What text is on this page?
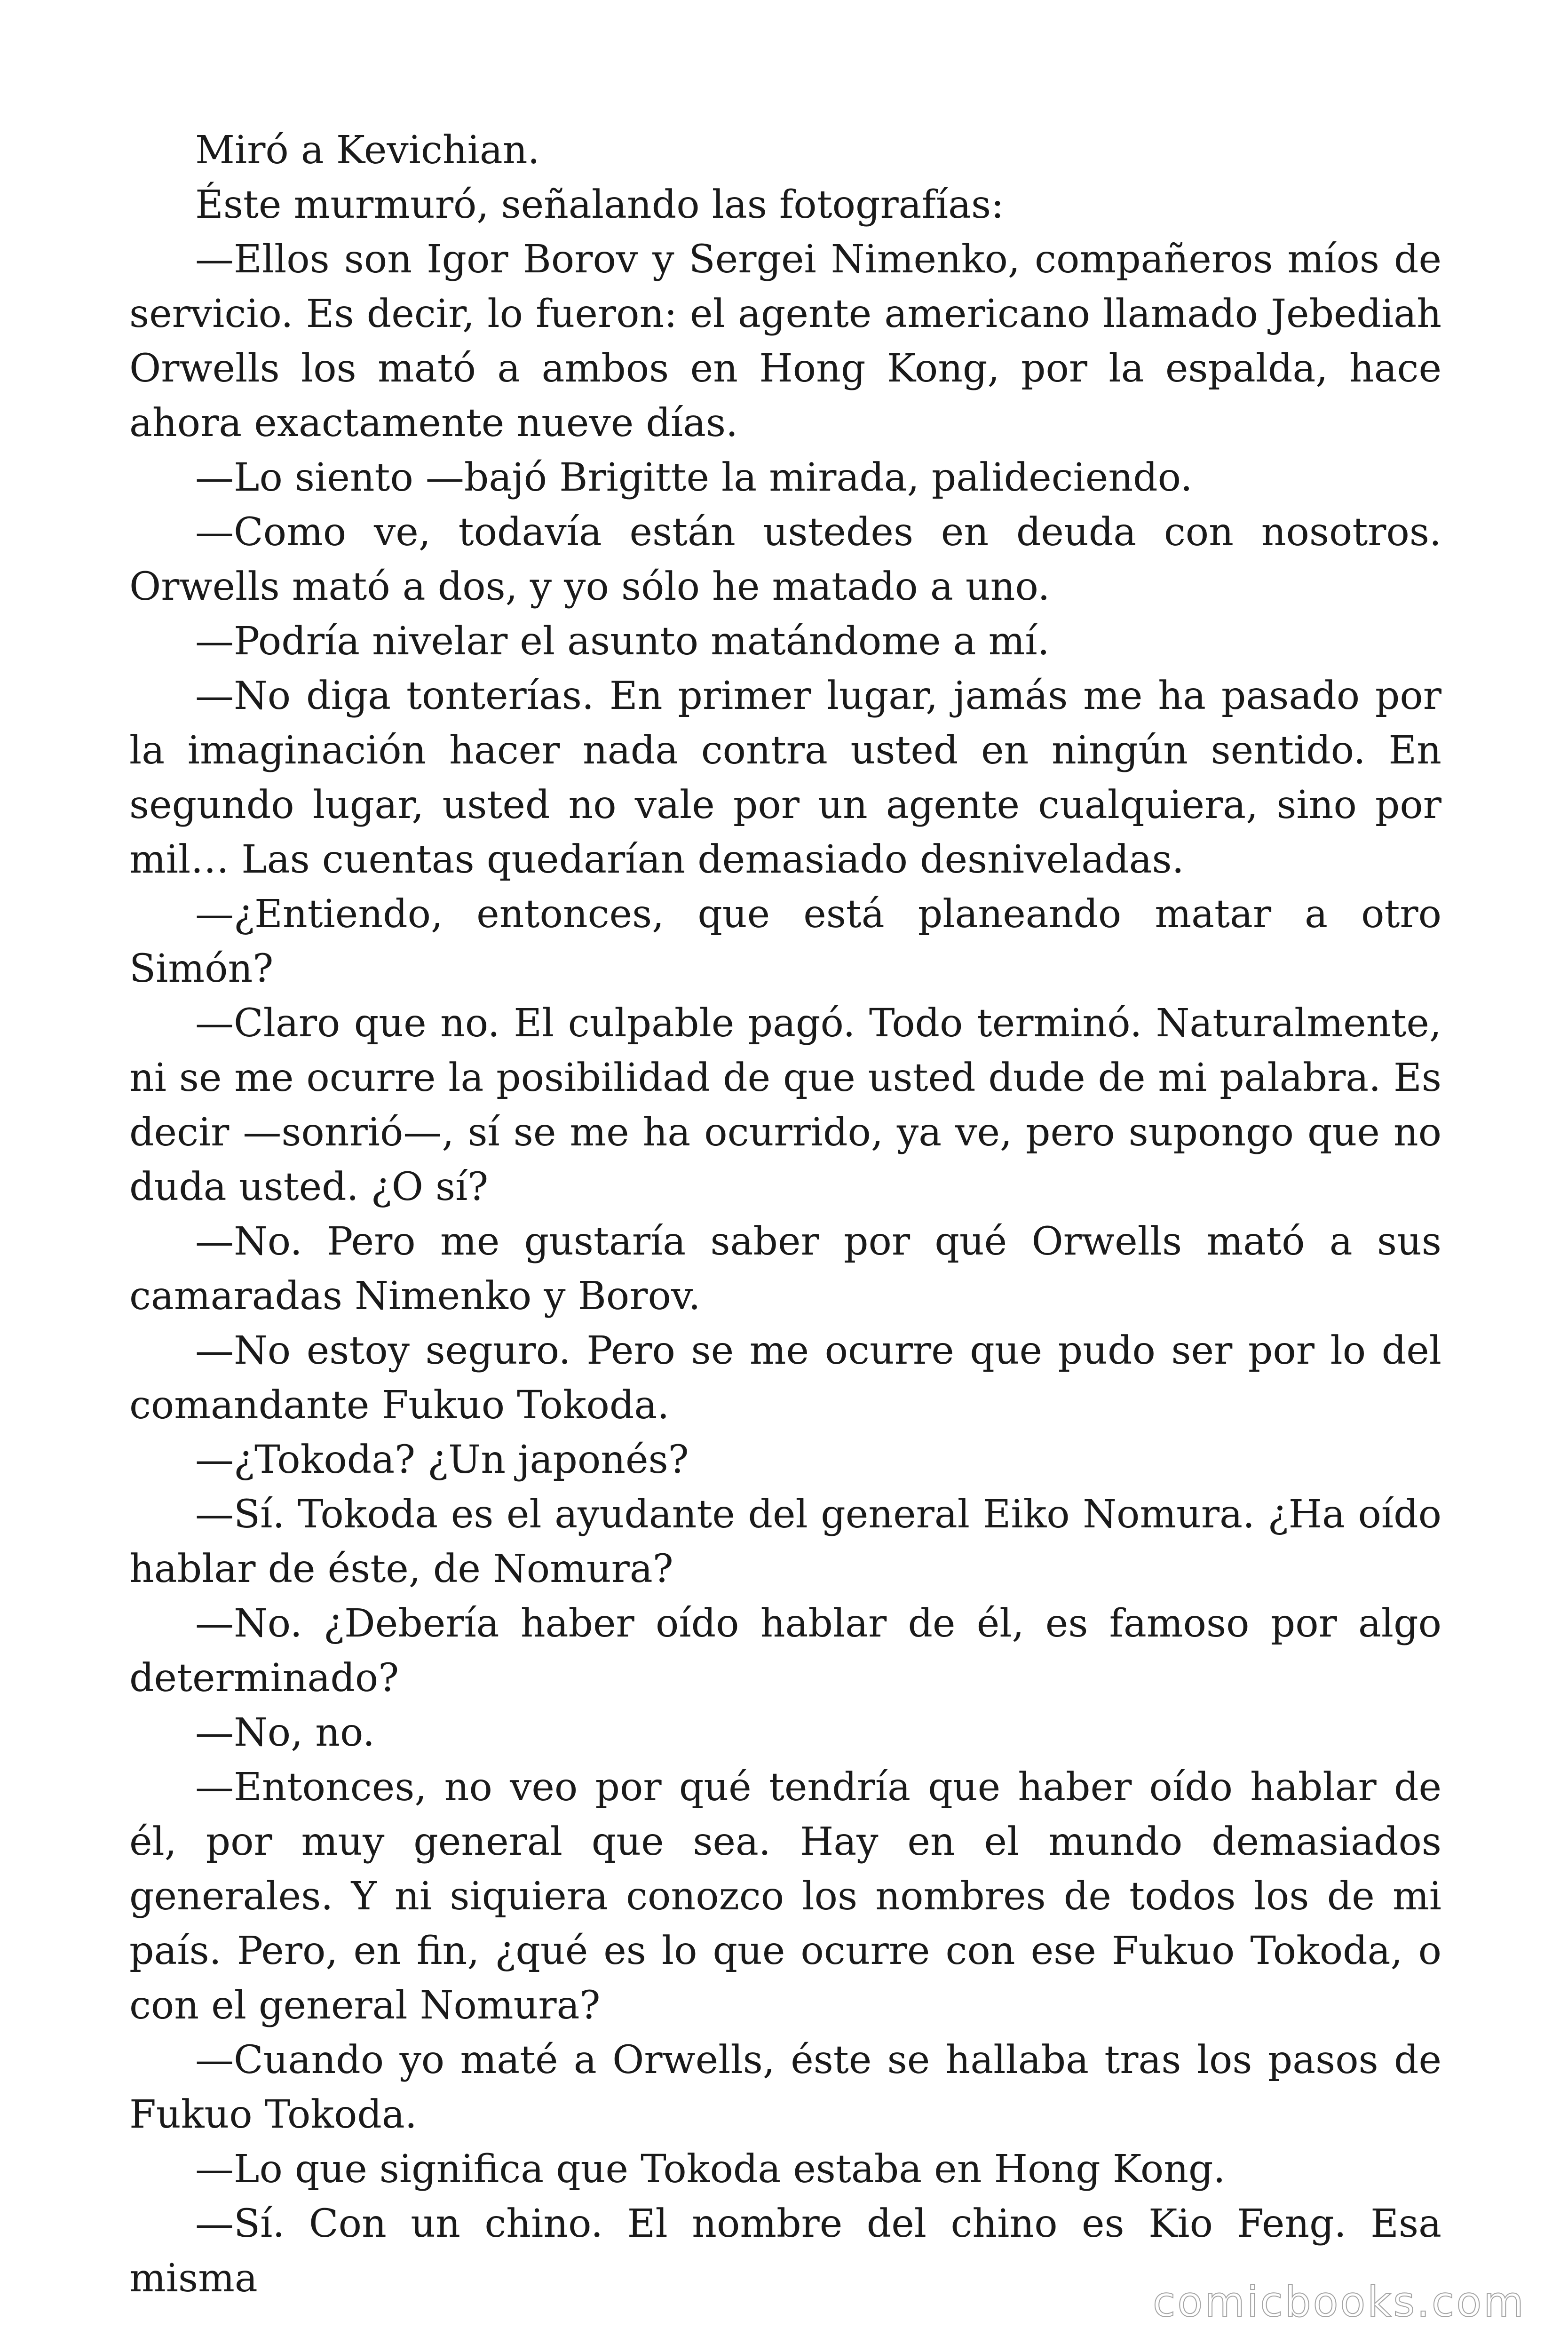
Miró a Kevichian.

Éste murmuró, señalando las fotografías:

—Ellos son Igor Borov y Sergei Nimenko, compañeros míos de servicio. Es decir, lo fueron: el agente americano llamado Jebediah Orwells los mató a ambos en Hong Kong, por la espalda, hace ahora exactamente nueve días.

—Lo siento —bajó Brigitte la mirada, palideciendo.

—Como ve, todavía están ustedes en deuda con nosotros. Orwells mató a dos, y yo sólo he matado a uno.

—Podría nivelar el asunto matándome a mí.

—No diga tonterías. En primer lugar, jamás me ha pasado por la imaginación hacer nada contra usted en ningún sentido. En segundo lugar, usted no vale por un agente cualquiera, sino por mil… Las cuentas quedarían demasiado desniveladas.

—¿Entiendo, entonces, que está planeando matar a otro Simón?

—Claro que no. El culpable pagó. Todo terminó. Naturalmente, ni se me ocurre la posibilidad de que usted dude de mi palabra. Es decir —sonrió—, sí se me ha ocurrido, ya ve, pero supongo que no duda usted. ¿O sí?

—No. Pero me gustaría saber por qué Orwells mató a sus camaradas Nimenko y Borov.

—No estoy seguro. Pero se me ocurre que pudo ser por lo del comandante Fukuo Tokoda.

—¿Tokoda? ¿Un japonés?

—Sí. Tokoda es el ayudante del general Eiko Nomura. ¿Ha oído hablar de éste, de Nomura?

—No. ¿Debería haber oído hablar de él, es famoso por algo determinado?

—No, no.

—Entonces, no veo por qué tendría que haber oído hablar de él, por muy general que sea. Hay en el mundo demasiados generales. Y ni siquiera conozco los nombres de todos los de mi país. Pero, en fin, ¿qué es lo que ocurre con ese Fukuo Tokoda, o con el general Nomura?

—Cuando yo maté a Orwells, éste se hallaba tras los pasos de Fukuo Tokoda.

—Lo que significa que Tokoda estaba en Hong Kong.

—Sí. Con un chino. El nombre del chino es Kio Feng. Esa misma	comicbooks.com
